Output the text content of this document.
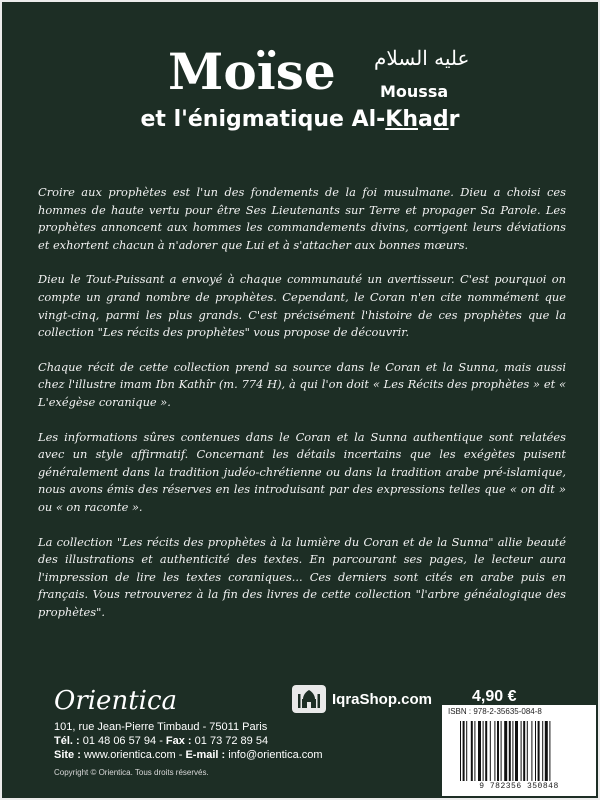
Moïse عليه السلام
Moussa
et l'énigmatique Al-Khadr

Croire aux prophètes est l'un des fondements de la foi musulmane. Dieu a choisi ces hommes de haute vertu pour être Ses Lieutenants sur Terre et propager Sa Parole. Les prophètes annoncent aux hommes les commandements divins, corrigent leurs déviations et exhortent chacun à n'adorer que Lui et à s'attacher aux bonnes mœurs.

Dieu le Tout-Puissant a envoyé à chaque communauté un avertisseur. C'est pourquoi on compte un grand nombre de prophètes. Cependant, le Coran n'en cite nommément que vingt-cinq, parmi les plus grands. C'est précisément l'histoire de ces prophètes que la collection "Les récits des prophètes" vous propose de découvrir.

Chaque récit de cette collection prend sa source dans le Coran et la Sunna, mais aussi chez l'illustre imam Ibn Kathîr (m. 774 H), à qui l'on doit « Les Récits des prophètes » et « L'exégèse coranique ».

Les informations sûres contenues dans le Coran et la Sunna authentique sont relatées avec un style affirmatif. Concernant les détails incertains que les exégètes puisent généralement dans la tradition judéo-chrétienne ou dans la tradition arabe pré-islamique, nous avons émis des réserves en les introduisant par des expressions telles que « on dit » ou « on raconte ».

La collection "Les récits des prophètes à la lumière du Coran et de la Sunna" allie beauté des illustrations et authenticité des textes. En parcourant ses pages, le lecteur aura l'impression de lire les textes coraniques... Ces derniers sont cités en arabe puis en français. Vous retrouverez à la fin des livres de cette collection "l'arbre généalogique des prophètes".

Orientica
101, rue Jean-Pierre Timbaud - 75011 Paris
Tél. : 01 48 06 57 94 - Fax : 01 73 72 89 54
Site : www.orientica.com - E-mail : info@orientica.com
Copyright © Orientica. Tous droits réservés.
IqraShop.com 4,90 €
ISBN : 978-2-35635-084-8
9 782356 350848
